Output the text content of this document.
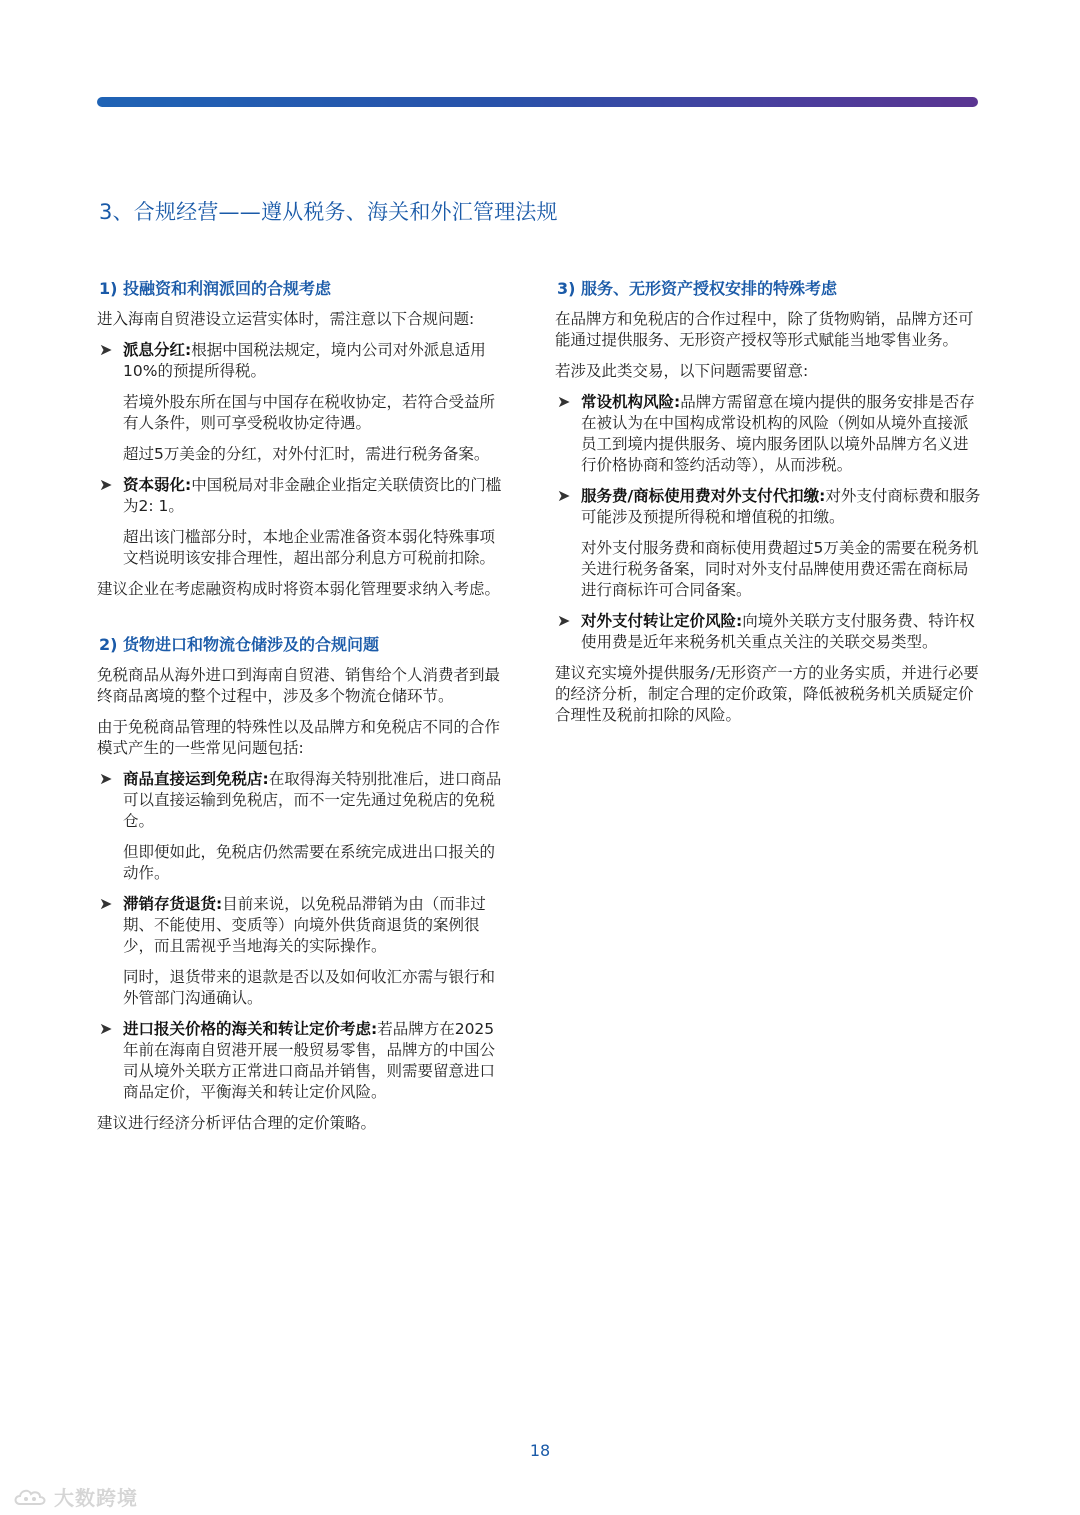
3、合规经营——遵从税务、海关和外汇管理法规
1) 投融资和利润派回的合规考虑
进入海南自贸港设立运营实体时，需注意以下合规问题:
➤ 派息分红:根据中国税法规定，境内公司对外派息适用10%的预提所得税。
若境外股东所在国与中国存在税收协定，若符合受益所有人条件，则可享受税收协定待遇。
超过5万美金的分红，对外付汇时，需进行税务备案。
➤ 资本弱化:中国税局对非金融企业指定关联债资比的门槛为2: 1。
超出该门槛部分时，本地企业需准备资本弱化特殊事项文档说明该安排合理性，超出部分利息方可税前扣除。
建议企业在考虑融资构成时将资本弱化管理要求纳入考虑。
2) 货物进口和物流仓储涉及的合规问题
免税商品从海外进口到海南自贸港、销售给个人消费者到最终商品离境的整个过程中，涉及多个物流仓储环节。
由于免税商品管理的特殊性以及品牌方和免税店不同的合作模式产生的一些常见问题包括:
➤ 商品直接运到免税店:在取得海关特别批准后，进口商品可以直接运输到免税店，而不一定先通过免税店的免税仓。
但即便如此，免税店仍然需要在系统完成进出口报关的动作。
➤ 滞销存货退货:目前来说，以免税品滞销为由（而非过期、不能使用、变质等）向境外供货商退货的案例很少，而且需视乎当地海关的实际操作。
同时，退货带来的退款是否以及如何收汇亦需与银行和外管部门沟通确认。
➤ 进口报关价格的海关和转让定价考虑:若品牌方在2025年前在海南自贸港开展一般贸易零售，品牌方的中国公司从境外关联方正常进口商品并销售，则需要留意进口商品定价，平衡海关和转让定价风险。
建议进行经济分析评估合理的定价策略。
3) 服务、无形资产授权安排的特殊考虑
在品牌方和免税店的合作过程中，除了货物购销，品牌方还可能通过提供服务、无形资产授权等形式赋能当地零售业务。
若涉及此类交易，以下问题需要留意:
➤ 常设机构风险:品牌方需留意在境内提供的服务安排是否存在被认为在中国构成常设机构的风险（例如从境外直接派员工到境内提供服务、境内服务团队以境外品牌方名义进行价格协商和签约活动等），从而涉税。
➤ 服务费/商标使用费对外支付代扣缴:对外支付商标费和服务可能涉及预提所得税和增值税的扣缴。
对外支付服务费和商标使用费超过5万美金的需要在税务机关进行税务备案，同时对外支付品牌使用费还需在商标局进行商标许可合同备案。
➤ 对外支付转让定价风险:向境外关联方支付服务费、特许权使用费是近年来税务机关重点关注的关联交易类型。
建议充实境外提供服务/无形资产一方的业务实质，并进行必要的经济分析，制定合理的定价政策，降低被税务机关质疑定价合理性及税前扣除的风险。
18
大数跨境
